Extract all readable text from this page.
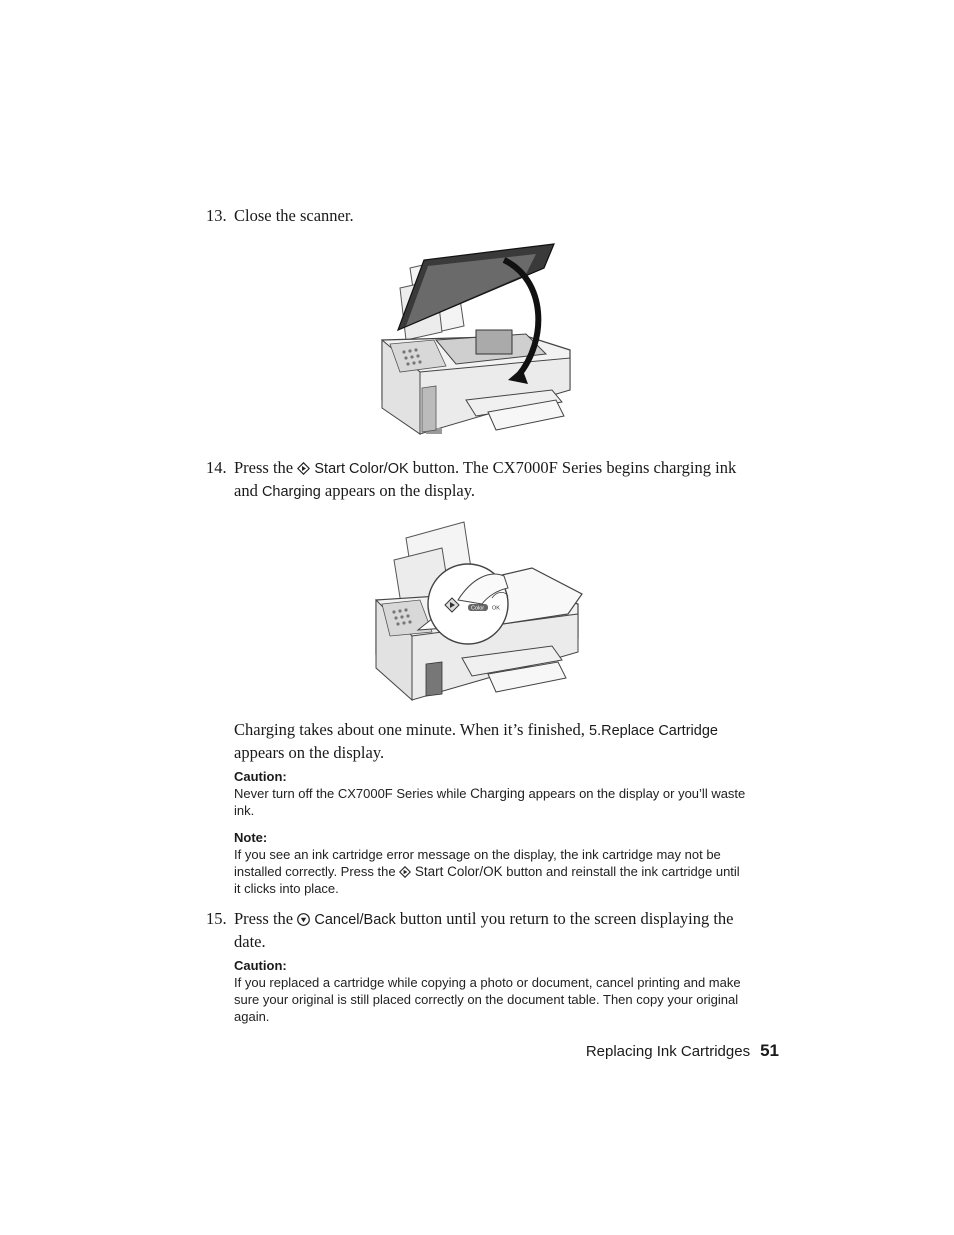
13. Close the scanner.
14. Press the Start Color/OK button. The CX7000F Series begins charging ink and Charging appears on the display.
Color OK
Charging takes about one minute. When it’s finished, 5.Replace Cartridge appears on the display.
Caution:
Never turn off the CX7000F Series while Charging appears on the display or you’ll waste ink.
Note:
If you see an ink cartridge error message on the display, the ink cartridge may not be installed correctly. Press the Start Color/OK button and reinstall the ink cartridge until it clicks into place.
15. Press the Cancel/Back button until you return to the screen displaying the date.
Caution:
If you replaced a cartridge while copying a photo or document, cancel printing and make sure your original is still placed correctly on the document table. Then copy your original again.
Replacing Ink Cartridges 51
